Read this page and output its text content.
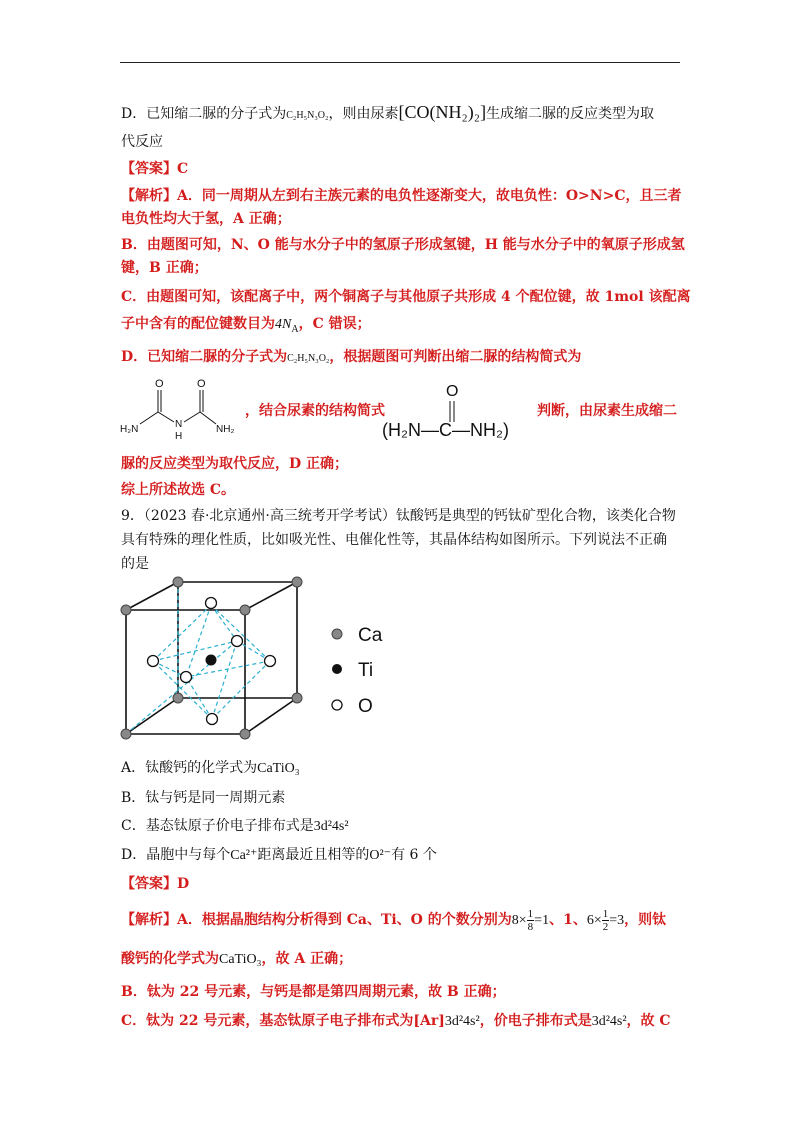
D．已知缩二脲的分子式为C₂H₅N₃O₂，则由尿素[CO(NH₂)₂]生成缩二脲的反应类型为取
代反应
【答案】C
【解析】A．同一周期从左到右主族元素的电负性逐渐变大，故电负性：O>N>C，且三者
电负性均大于氢，A 正确；
B．由题图可知，N、O 能与水分子中的氢原子形成氢键，H 能与水分子中的氧原子形成氢
键，B 正确；
C．由题图可知，该配离子中，两个铜离子与其他原子共形成 4 个配位键，故 1mol 该配离
子中含有的配位键数目为$4N_A$，C 错误；
D．已知缩二脲的分子式为C₂H₅N₃O₂，根据题图可判断出缩二脲的结构简式为
O	O
H₂N	N
H
NH₂
，结合尿素的结构简式
O
(H₂N—C—NH₂)
判断，由尿素生成缩二
脲的反应类型为取代反应，D 正确；
综上所述故选 C。
9．（2023 春·北京通州·高三统考开学考试）钛酸钙是典型的钙钛矿型化合物，该类化合物
具有特殊的理化性质，比如吸光性、电催化性等，其晶体结构如图所示。下列说法不正确
的是
Ca
Ti
O
A．钛酸钙的化学式为CaTiO₃
B．钛与钙是同一周期元素
C．基态钛原子价电子排布式是3d²4s²
D．晶胞中与每个Ca²⁺距离最近且相等的O²⁻有 6 个
【答案】D
【解析】A．根据晶胞结构分析得到 Ca、Ti、O 的个数分别为$8\times \frac{1}{8} =1$、1、$6\times \frac{1}{2} =3$，则钛
酸钙的化学式为CaTiO₃，故 A 正确；
B．钛为 22 号元素，与钙是都是第四周期元素，故 B 正确；
C．钛为 22 号元素，基态钛原子电子排布式为[Ar]3d²4s²，价电子排布式是3d²4s²，故 C
